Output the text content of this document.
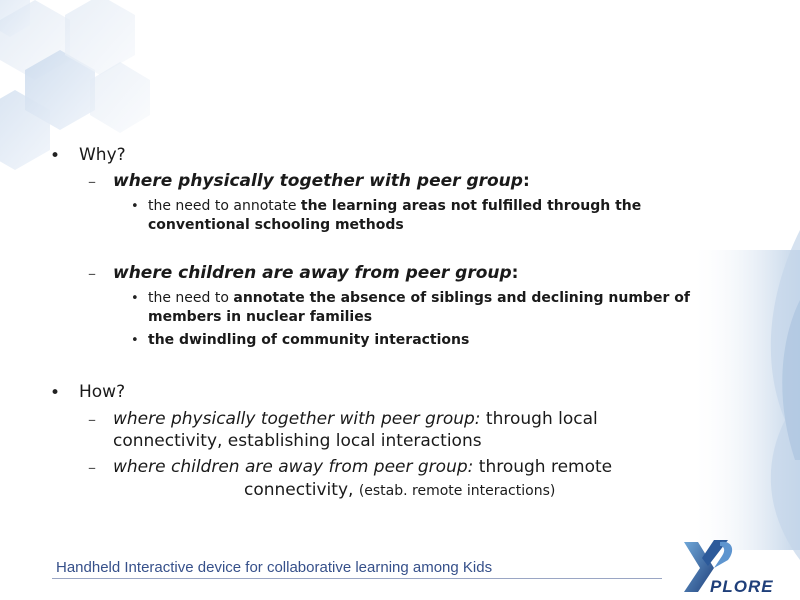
• Why?
– where physically together with peer group:
• the need to annotate the learning areas not fulfilled through the conventional schooling methods
– where children are away from peer group:
• the need to annotate the absence of siblings and declining number of members in nuclear families
• the dwindling of community interactions
• How?
– where physically together with peer group: through local connectivity, establishing local interactions
– where children are away from peer group: through remote
connectivity, (estab. remote interactions)
Handheld Interactive device for collaborative learning among Kids
PLORE
